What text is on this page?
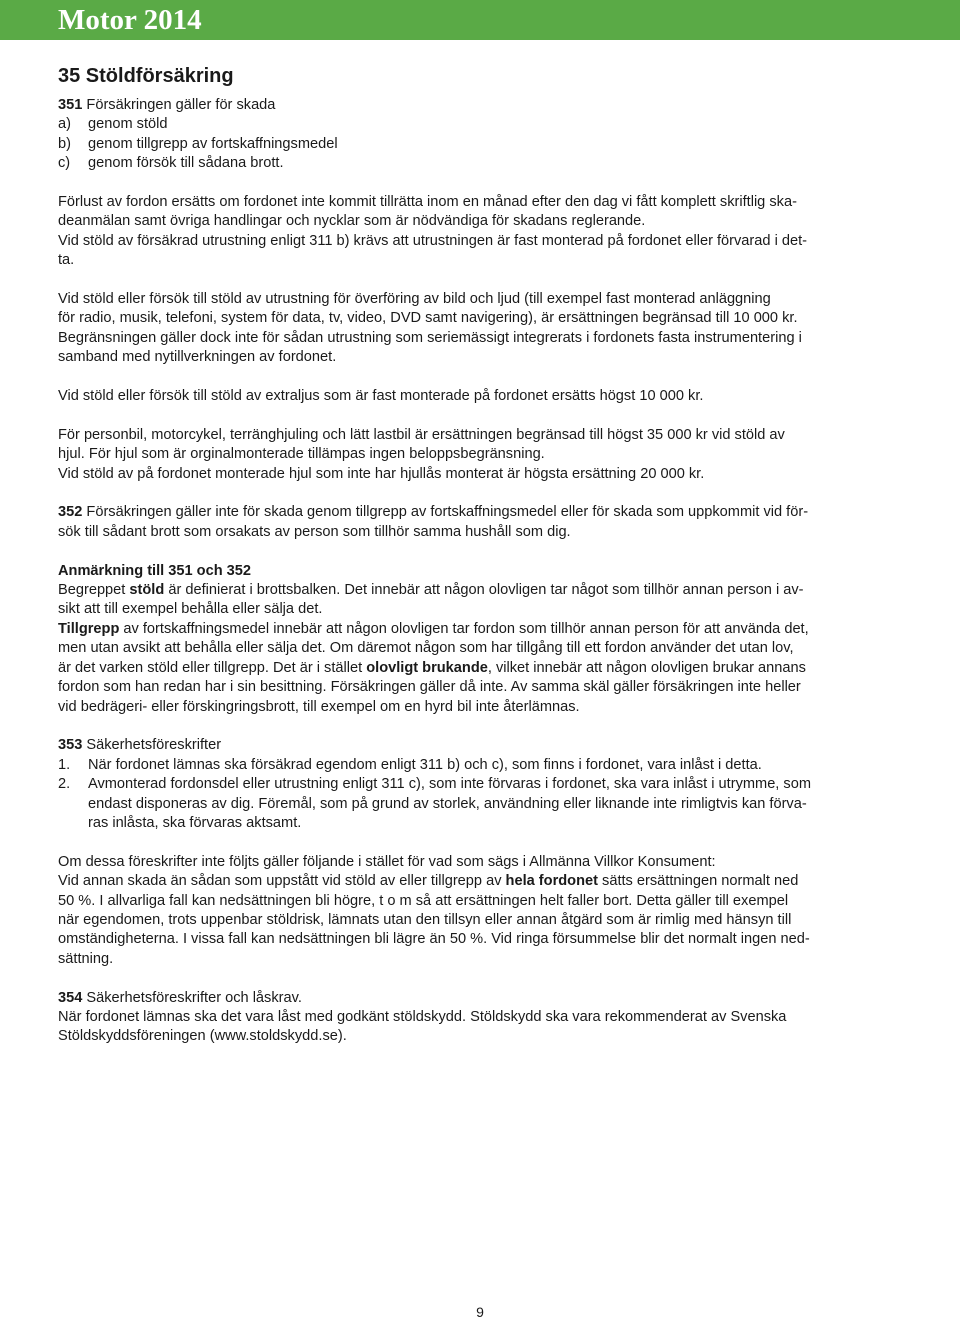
Motor 2014
35 Stöldförsäkring

351 Försäkringen gäller för skada

a)	genom stöld
b)	genom tillgrepp av fortskaffningsmedel
c)	genom försök till sådana brott.

Förlust av fordon ersätts om fordonet inte kommit tillrätta inom en månad efter den dag vi fått komplett skriftlig ska-

deanmälan samt övriga handlingar och nycklar som är nödvändiga för skadans reglerande.

Vid stöld av försäkrad utrustning enligt 311 b) krävs att utrustningen är fast monterad på fordonet eller förvarad i det-

ta.

Vid stöld eller försök till stöld av utrustning för överföring av bild och ljud (till exempel fast monterad anläggning

för radio, musik, telefoni, system för data, tv, video, DVD samt navigering), är ersättningen begränsad till 10 000 kr.

Begränsningen gäller dock inte för sådan utrustning som seriemässigt integrerats i fordonets fasta instrumentering i

samband med nytillverkningen av fordonet.

Vid stöld eller försök till stöld av extraljus som är fast monterade på fordonet ersätts högst 10 000 kr.

För personbil, motorcykel, terränghjuling och lätt lastbil är ersättningen begränsad till högst 35 000 kr vid stöld av

hjul. För hjul som är orginalmonterade tillämpas ingen beloppsbegränsning.

Vid stöld av på fordonet monterade hjul som inte har hjullås monterat är högsta ersättning 20 000 kr.

352 Försäkringen gäller inte för skada genom tillgrepp av fortskaffningsmedel eller för skada som uppkommit vid för-

sök till sådant brott som orsakats av person som tillhör samma hushåll som dig.

Anmärkning till 351 och 352

Begreppet stöld är definierat i brottsbalken. Det innebär att någon olovligen tar något som tillhör annan person i av-

sikt att till exempel behålla eller sälja det.

Tillgrepp av fortskaffningsmedel innebär att någon olovligen tar fordon som tillhör annan person för att använda det,

men utan avsikt att behålla eller sälja det. Om däremot någon som har tillgång till ett fordon använder det utan lov,

är det varken stöld eller tillgrepp. Det är i stället olovligt brukande, vilket innebär att någon olovligen brukar annans

fordon som han redan har i sin besittning. Försäkringen gäller då inte. Av samma skäl gäller försäkringen inte heller

vid bedrägeri- eller förskingringsbrott, till exempel om en hyrd bil inte återlämnas.

353 Säkerhetsföreskrifter

1.	När fordonet lämnas ska försäkrad egendom enligt 311 b) och c), som finns i fordonet, vara inlåst i detta.

2.	Avmonterad fordonsdel eller utrustning enligt 311 c), som inte förvaras i fordonet, ska vara inlåst i utrymme, som

endast disponeras av dig. Föremål, som på grund av storlek, användning eller liknande inte rimligtvis kan förva-

ras inlåsta, ska förvaras aktsamt.

Om dessa föreskrifter inte följts gäller följande i stället för vad som sägs i Allmänna Villkor Konsument:

Vid annan skada än sådan som uppstått vid stöld av eller tillgrepp av hela fordonet sätts ersättningen normalt ned

50 %. I allvarliga fall kan nedsättningen bli högre, t o m så att ersättningen helt faller bort. Detta gäller till exempel

när egendomen, trots uppenbar stöldrisk, lämnats utan den tillsyn eller annan åtgärd som är rimlig med hänsyn till

omständigheterna. I vissa fall kan nedsättningen bli lägre än 50 %. Vid ringa försummelse blir det normalt ingen ned-

sättning.

354 Säkerhetsföreskrifter och låskrav.

När fordonet lämnas ska det vara låst med godkänt stöldskydd. Stöldskydd ska vara rekommenderat av Svenska

Stöldskyddsföreningen (www.stoldskydd.se).

9
